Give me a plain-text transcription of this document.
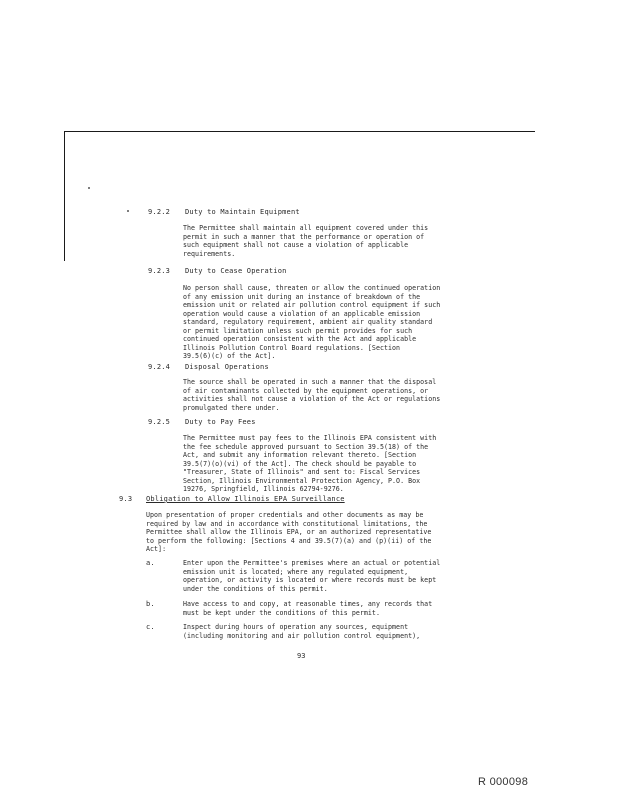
9.2.2 Duty to Maintain Equipment
The Permittee shall maintain all equipment covered under this
permit in such a manner that the performance or operation of
such equipment shall not cause a violation of applicable
requirements.
9.2.3 Duty to Cease Operation
No person shall cause, threaten or allow the continued operation
of any emission unit during an instance of breakdown of the
emission unit or related air pollution control equipment if such
operation would cause a violation of an applicable emission
standard, regulatory requirement, ambient air quality standard
or permit limitation unless such permit provides for such
continued operation consistent with the Act and applicable
Illinois Pollution Control Board regulations. [Section
39.5(6)(c) of the Act].
9.2.4 Disposal Operations
The source shall be operated in such a manner that the disposal
of air contaminants collected by the equipment operations, or
activities shall not cause a violation of the Act or regulations
promulgated there under.
9.2.5 Duty to Pay Fees
The Permittee must pay fees to the Illinois EPA consistent with
the fee schedule approved pursuant to Section 39.5(18) of the
Act, and submit any information relevant thereto. [Section
39.5(7)(o)(vi) of the Act]. The check should be payable to
"Treasurer, State of Illinois" and sent to: Fiscal Services
Section, Illinois Environmental Protection Agency, P.O. Box
19276, Springfield, Illinois 62794-9276.
9.3 Obligation to Allow Illinois EPA Surveillance
Upon presentation of proper credentials and other documents as may be
required by law and in accordance with constitutional limitations, the
Permittee shall allow the Illinois EPA, or an authorized representative
to perform the following: [Sections 4 and 39.5(7)(a) and (p)(ii) of the
Act]:
a.	Enter upon the Permittee's premises where an actual or potential
emission unit is located; where any regulated equipment,
operation, or activity is located or where records must be kept
under the conditions of this permit.
b.	Have access to and copy, at reasonable times, any records that
must be kept under the conditions of this permit.
c.	Inspect during hours of operation any sources, equipment
(including monitoring and air pollution control equipment),
93
R 000098
